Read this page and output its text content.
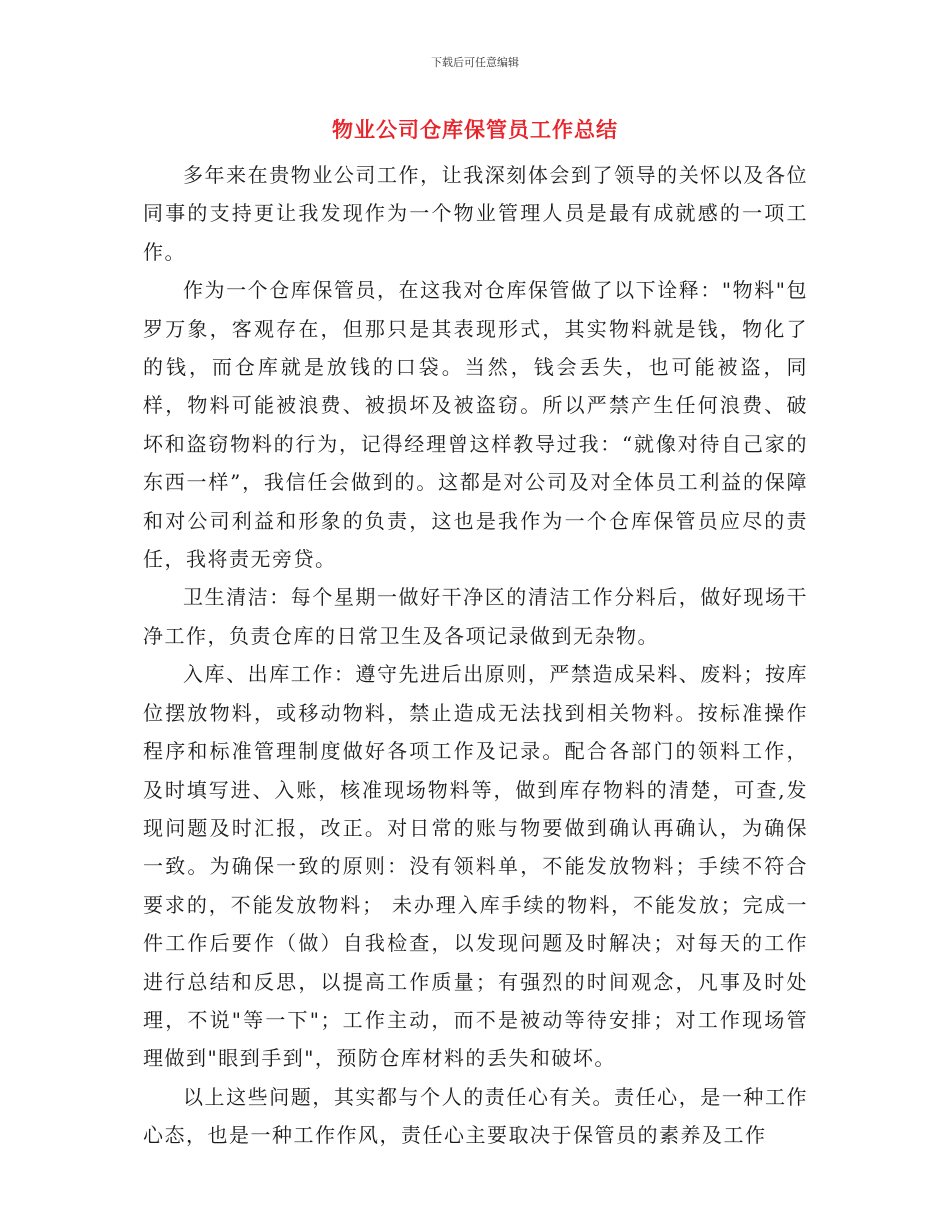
下载后可任意编辑
物业公司仓库保管员工作总结

多年来在贵物业公司工作，让我深刻体会到了领导的关怀以及各位同事的支持更让我发现作为一个物业管理人员是最有成就感的一项工作。

作为一个仓库保管员，在这我对仓库保管做了以下诠释："物料"包罗万象，客观存在，但那只是其表现形式，其实物料就是钱，物化了的钱，而仓库就是放钱的口袋。当然，钱会丢失，也可能被盗，同样，物料可能被浪费、被损坏及被盗窃。所以严禁产生任何浪费、破坏和盗窃物料的行为，记得经理曾这样教导过我：“就像对待自己家的东西一样”，我信任会做到的。这都是对公司及对全体员工利益的保障和对公司利益和形象的负责，这也是我作为一个仓库保管员应尽的责任，我将责无旁贷。

卫生清洁：每个星期一做好干净区的清洁工作分料后，做好现场干净工作，负责仓库的日常卫生及各项记录做到无杂物。

入库、出库工作：遵守先进后出原则，严禁造成呆料、废料；按库位摆放物料，或移动物料，禁止造成无法找到相关物料。按标准操作程序和标准管理制度做好各项工作及记录。配合各部门的领料工作，及时填写进、入账，核准现场物料等，做到库存物料的清楚，可查,发现问题及时汇报，改正。对日常的账与物要做到确认再确认，为确保一致。为确保一致的原则：没有领料单，不能发放物料；手续不符合要求的，不能发放物料； 未办理入库手续的物料，不能发放；完成一件工作后要作（做）自我检查，以发现问题及时解决；对每天的工作进行总结和反思，以提高工作质量；有强烈的时间观念，凡事及时处理，不说"等一下"；工作主动，而不是被动等待安排；对工作现场管理做到"眼到手到"，预防仓库材料的丢失和破坏。

以上这些问题，其实都与个人的责任心有关。责任心，是一种工作心态，也是一种工作作风，责任心主要取决于保管员的素养及工作
